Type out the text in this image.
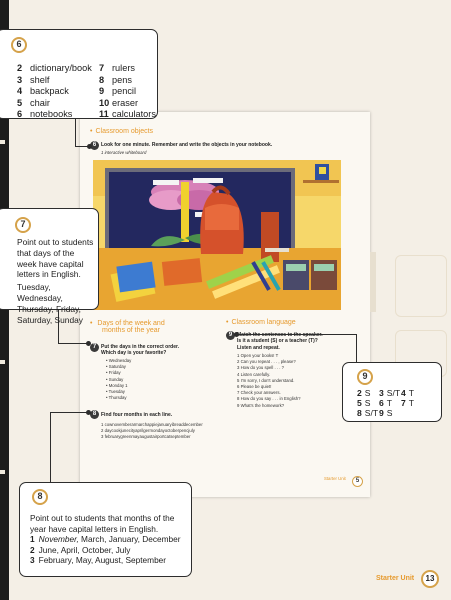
• Classroom objects
6 Look for one minute. Remember and write the objects in your notebook.
1 interactive whiteboard
• Days of the week and
months of the year
7 Put the days in the correct order.
Which day is your favorite?
• Wednesday
• Saturday
• Friday
• Sunday
• Monday 1
• Tuesday
• Thursday
8 Find four months in each line.
1 cownovemberarmarchappiejanuaryibreaddecember
2 daycookjunecityaprilgermondayoctoberpencjuly
3 februarygreenmayaugustairportcatseptember
• Classroom language
9
Is it a student (S) or a teacher (T)?
Listen and repeat.
1 Open your books! T
2 Can you repeat . . . , please?
3 How do you spell . . . ?
4 Listen carefully.
5 I'm sorry, I don't understand.
6 Please be quiet!
7 Check your answers.
8 How do you say . . . in English?
9 What's the homework?
Starter Unit	5
6
2 dictionary/book
3 shelf
4 backpack
5 chair
6 notebooks
7 rulers
8 pens
9 pencil
10 eraser
11 calculators
7
Point out to students that days of the week have capital letters in English.
Tuesday, Wednesday, Thursday, Friday, Saturday, Sunday
8
Point out to students that months of the year have capital letters in English.
1 November, March, January, December
2 June, April, October, July
3 February, May, August, September
9
2 S 3 S/T4 T
5 S 6 T 7 T
8 S/T9 S
Starter Unit	13
